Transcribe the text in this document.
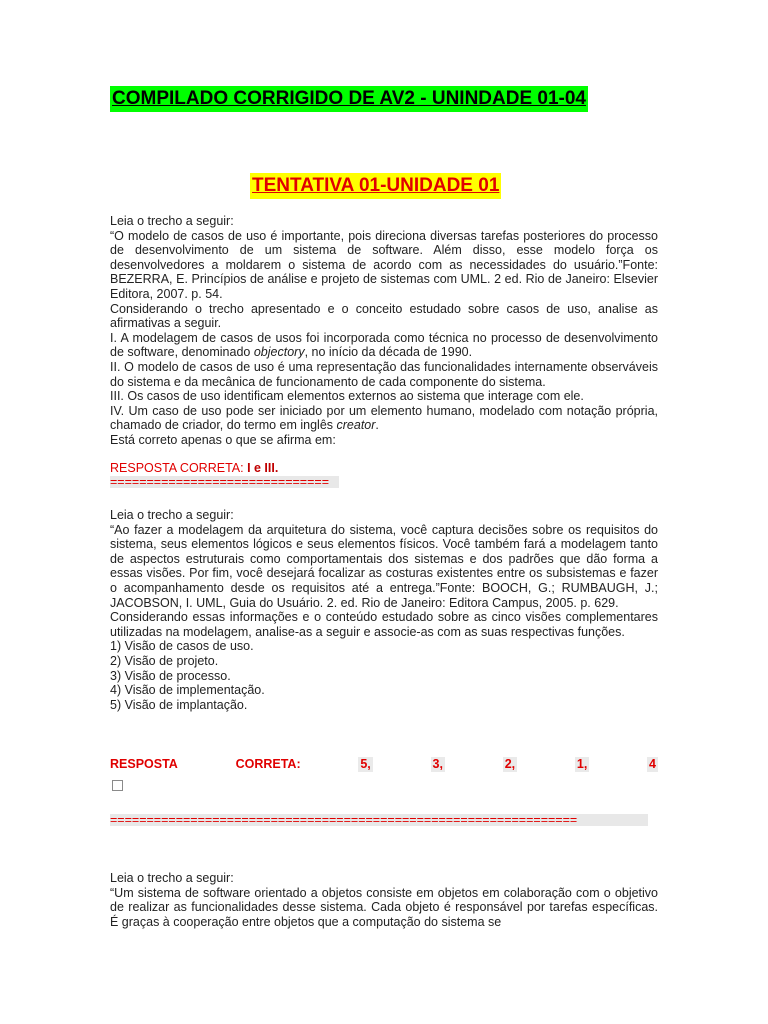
COMPILADO CORRIGIDO DE AV2 - UNINDADE 01-04
TENTATIVA 01-UNIDADE 01

Leia o trecho a seguir:

“O modelo de casos de uso é importante, pois direciona diversas tarefas posteriores do processo de desenvolvimento de um sistema de software. Além disso, esse modelo força os desenvolvedores a moldarem o sistema de acordo com as necessidades do usuário.”Fonte: BEZERRA, E. Princípios de análise e projeto de sistemas com UML. 2 ed. Rio de Janeiro: Elsevier Editora, 2007. p. 54.

Considerando o trecho apresentado e o conceito estudado sobre casos de uso, analise as afirmativas a seguir.

I. A modelagem de casos de usos foi incorporada como técnica no processo de desenvolvimento de software, denominado objectory, no início da década de 1990.

II. O modelo de casos de uso é uma representação das funcionalidades internamente observáveis do sistema e da mecânica de funcionamento de cada componente do sistema.

III. Os casos de uso identificam elementos externos ao sistema que interage com ele.

IV. Um caso de uso pode ser iniciado por um elemento humano, modelado com notação própria, chamado de criador, do termo em inglês creator.

Está correto apenas o que se afirma em:

RESPOSTA CORRETA: I e III.

==============================

Leia o trecho a seguir:

“Ao fazer a modelagem da arquitetura do sistema, você captura decisões sobre os requisitos do sistema, seus elementos lógicos e seus elementos físicos. Você também fará a modelagem tanto de aspectos estruturais como comportamentais dos sistemas e dos padrões que dão forma a essas visões. Por fim, você desejará focalizar as costuras existentes entre os subsistemas e fazer o acompanhamento desde os requisitos até a entrega.”Fonte: BOOCH, G.; RUMBAUGH, J.; JACOBSON, I. UML, Guia do Usuário. 2. ed. Rio de Janeiro: Editora Campus, 2005. p. 629.

Considerando essas informações e o conteúdo estudado sobre as cinco visões complementares utilizadas na modelagem, analise-as a seguir e associe-as com as suas respectivas funções.

1) Visão de casos de uso.

2) Visão de projeto.

3) Visão de processo.

4) Visão de implementação.

5) Visão de implantação.

RESPOSTA	CORRETA:	5,	3,	2,	1,	4
================================================================

Leia o trecho a seguir:

“Um sistema de software orientado a objetos consiste em objetos em colaboração com o objetivo de realizar as funcionalidades desse sistema. Cada objeto é responsável por tarefas específicas. É graças à cooperação entre objetos que a computação do sistema se
